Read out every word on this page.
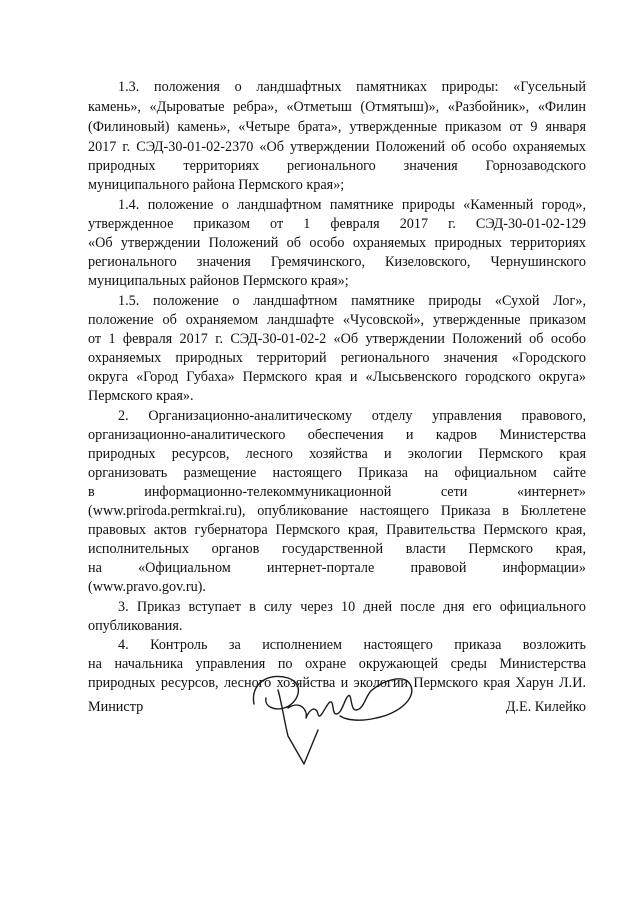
1.3. положения о ландшафтных памятниках природы: «Гусельный
камень», «Дыроватые ребра», «Отметыш (Отмятыш)», «Разбойник», «Филин
(Филиновый) камень», «Четыре брата», утвержденные приказом от 9 января
2017 г. СЭД-30-01-02-2370 «Об утверждении Положений об особо охраняемых
природных территориях регионального значения Горнозаводского
муниципального района Пермского края»;
1.4. положение о ландшафтном памятнике природы «Каменный город»,
утвержденное приказом от 1 февраля 2017 г. СЭД-30-01-02-129
«Об утверждении Положений об особо охраняемых природных территориях
регионального значения Гремячинского, Кизеловского, Чернушинского
муниципальных районов Пермского края»;
1.5. положение о ландшафтном памятнике природы «Сухой Лог»,
положение об охраняемом ландшафте «Чусовской», утвержденные приказом
от 1 февраля 2017 г. СЭД-30-01-02-2 «Об утверждении Положений об особо
охраняемых природных территорий регионального значения «Городского
округа «Город Губаха» Пермского края и «Лысьвенского городского округа»
Пермского края».
2. Организационно-аналитическому отделу управления правового,
организационно-аналитического обеспечения и кадров Министерства
природных ресурсов, лесного хозяйства и экологии Пермского края
организовать размещение настоящего Приказа на официальном сайте
в информационно-телекоммуникационной сети «интернет»
(www.priroda.permkrai.ru), опубликование настоящего Приказа в Бюллетене
правовых актов губернатора Пермского края, Правительства Пермского края,
исполнительных органов государственной власти Пермского края,
на «Официальном интернет-портале правовой информации»
(www.pravo.gov.ru).
3. Приказ вступает в силу через 10 дней после дня его официального
опубликования.
4. Контроль за исполнением настоящего приказа возложить
на начальника управления по охране окружающей среды Министерства
природных ресурсов, лесного хозяйства и экологии Пермского края Харун Л.И.
Министр	Д.Е. Килейко
